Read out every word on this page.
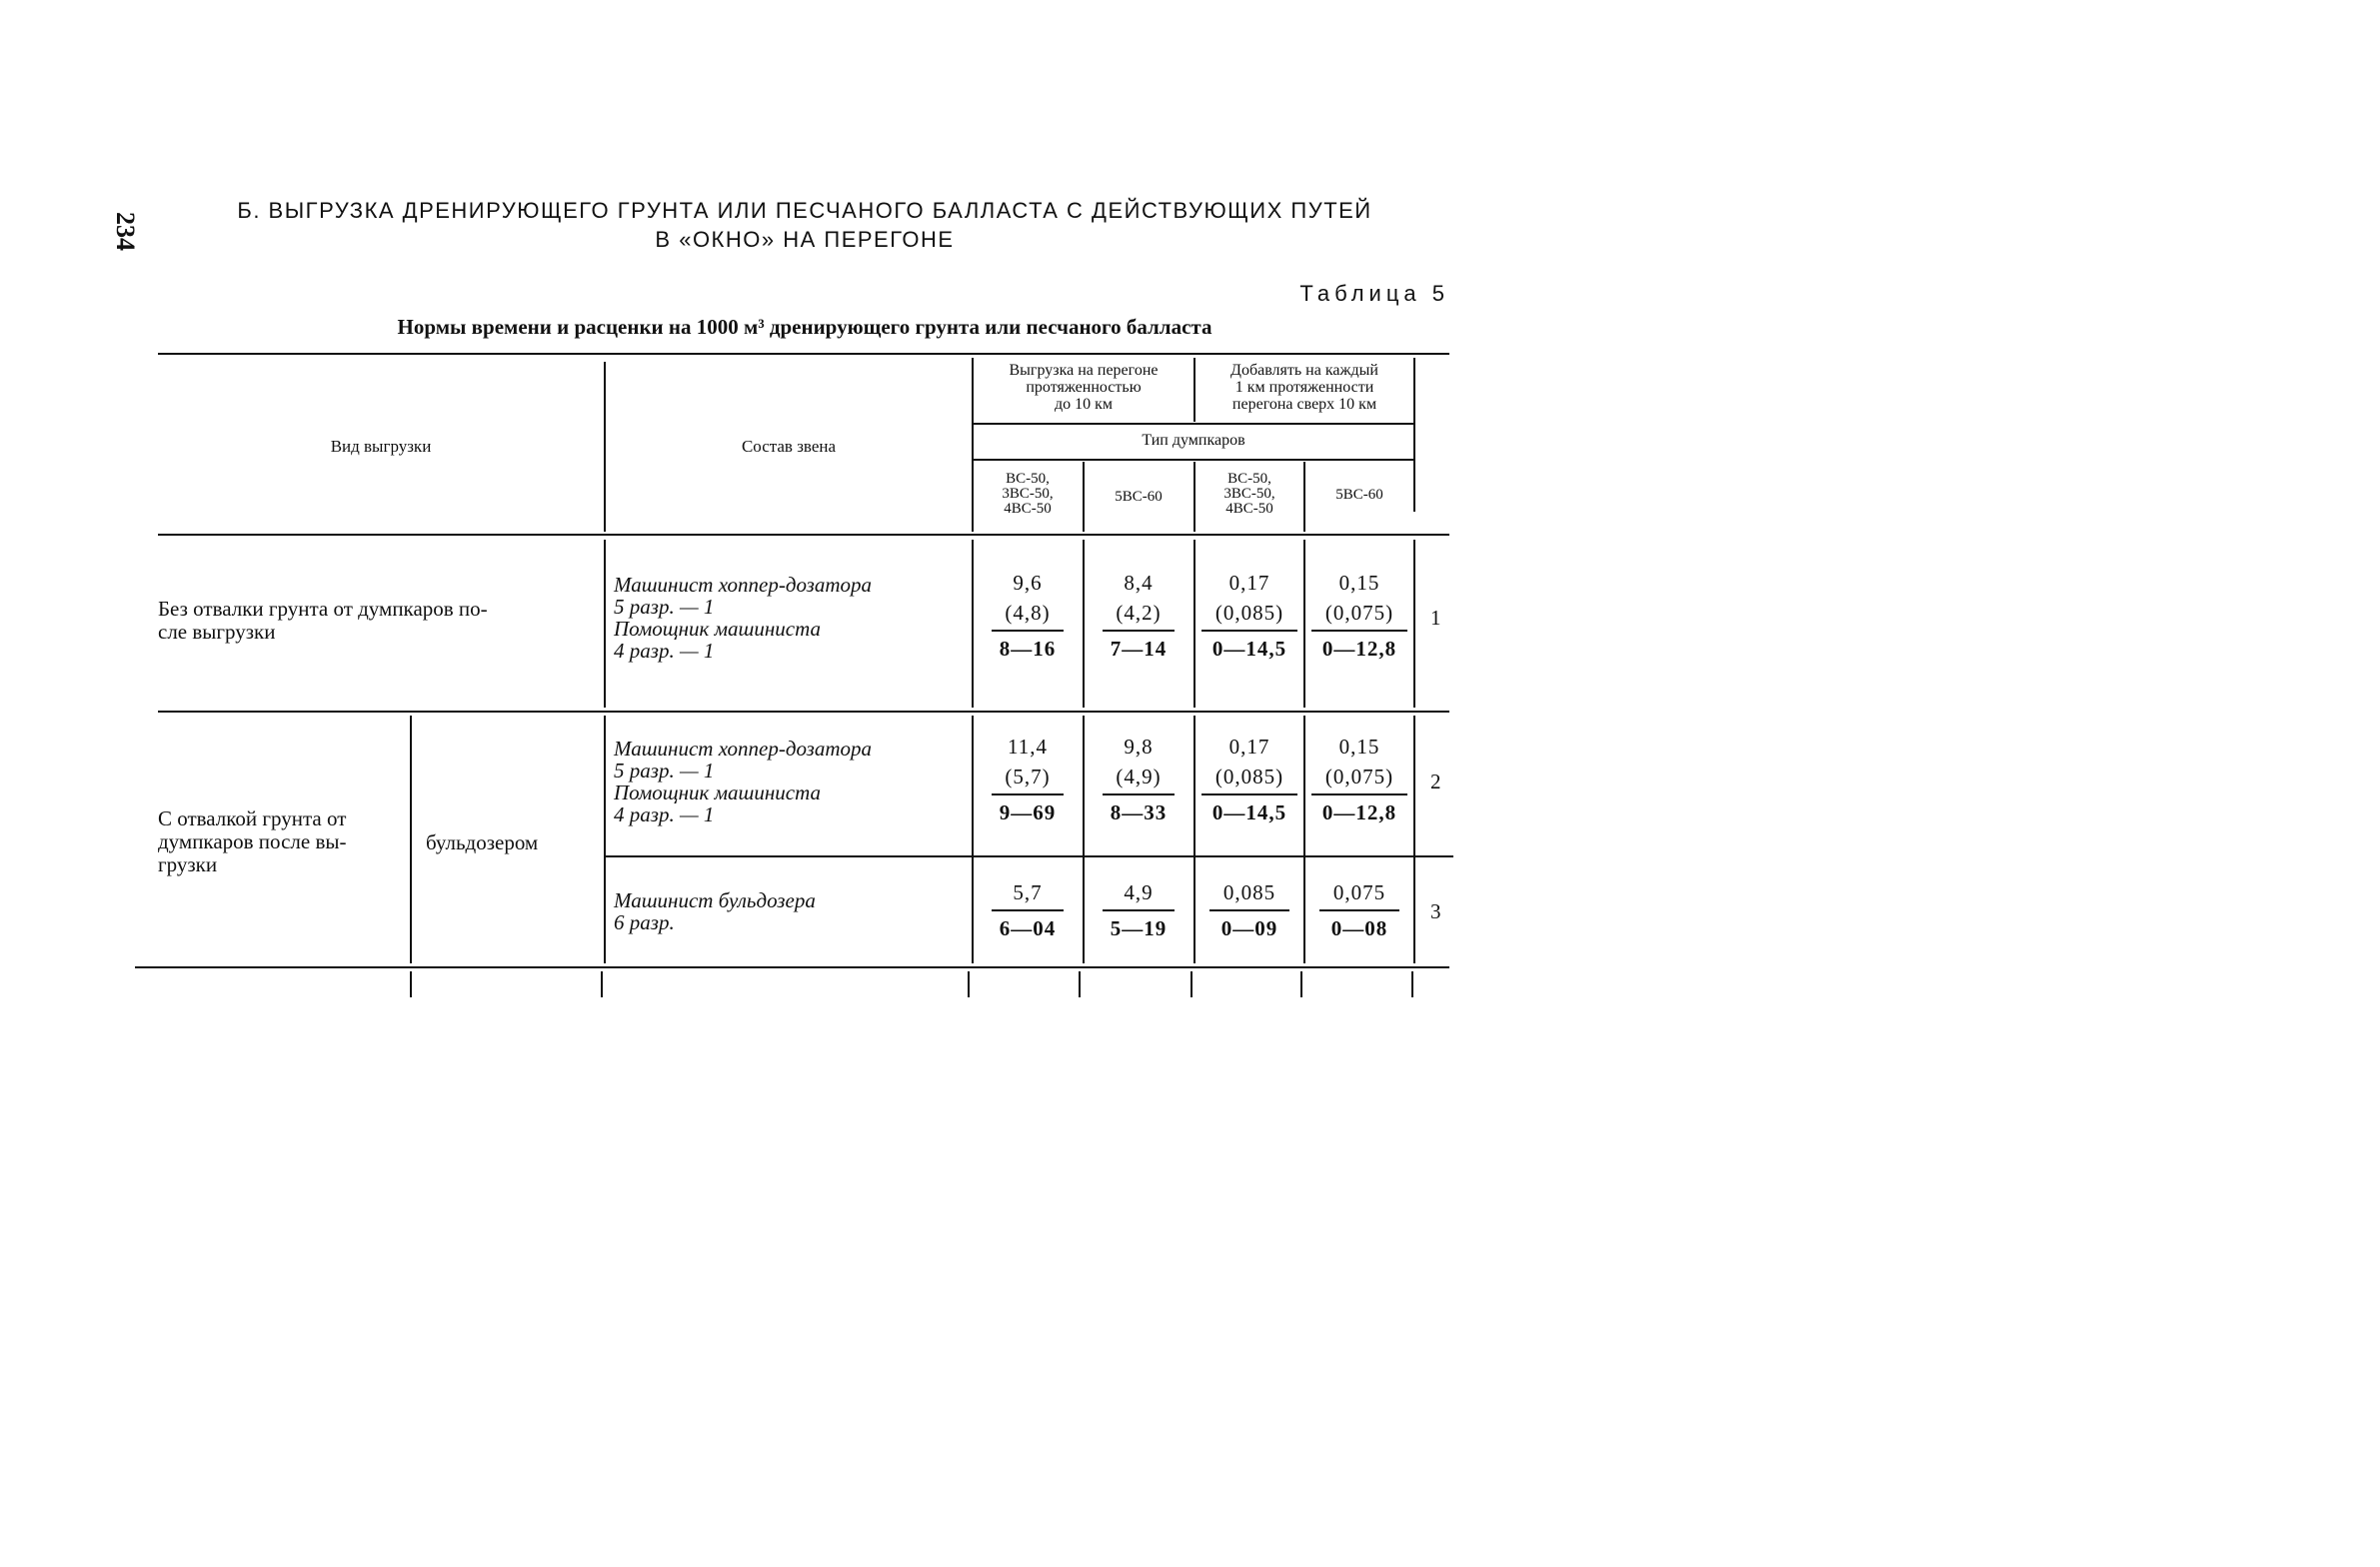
234
Б. ВЫГРУЗКА ДРЕНИРУЮЩЕГО ГРУНТА ИЛИ ПЕСЧАНОГО БАЛЛАСТА С ДЕЙСТВУЮЩИХ ПУТЕЙ
В «ОКНО» НА ПЕРЕГОНЕ
Таблица 5
Нормы времени и расценки на 1000 м³ дренирующего грунта или песчаного балласта
Вид выгрузки	Состав звена
Выгрузка на перегоне
протяженностью
до 10 км
Добавлять на каждый
1 км протяженности
перегона сверх 10 км
Тип думпкаров
ВС-50,
3ВС-50,
4ВС-50
5ВС-60
ВС-50,
3ВС-50,
4ВС-50
5ВС-60
Без отвалки грунта от думпкаров по-
сле выгрузки
Машинист хоппер-дозатора
5 разр. — 1
Помощник машиниста
4 разр. — 1
9,6
(4,8)
8—16
8,4
(4,2)
7—14
0,17
(0,085)
0—14,5
0,15
(0,075)
0—12,8
1
С отвалкой грунта от
думпкаров после вы-
грузки
бульдозером
Машинист хоппер-дозатора
5 разр. — 1
Помощник машиниста
4 разр. — 1
11,4
(5,7)
9—69
9,8
(4,9)
8—33
0,17
(0,085)
0—14,5
0,15
(0,075)
0—12,8
2
Машинист бульдозера
6 разр.
5,7
6—04
4,9
5—19
0,085
0—09
0,075
0—08
3
